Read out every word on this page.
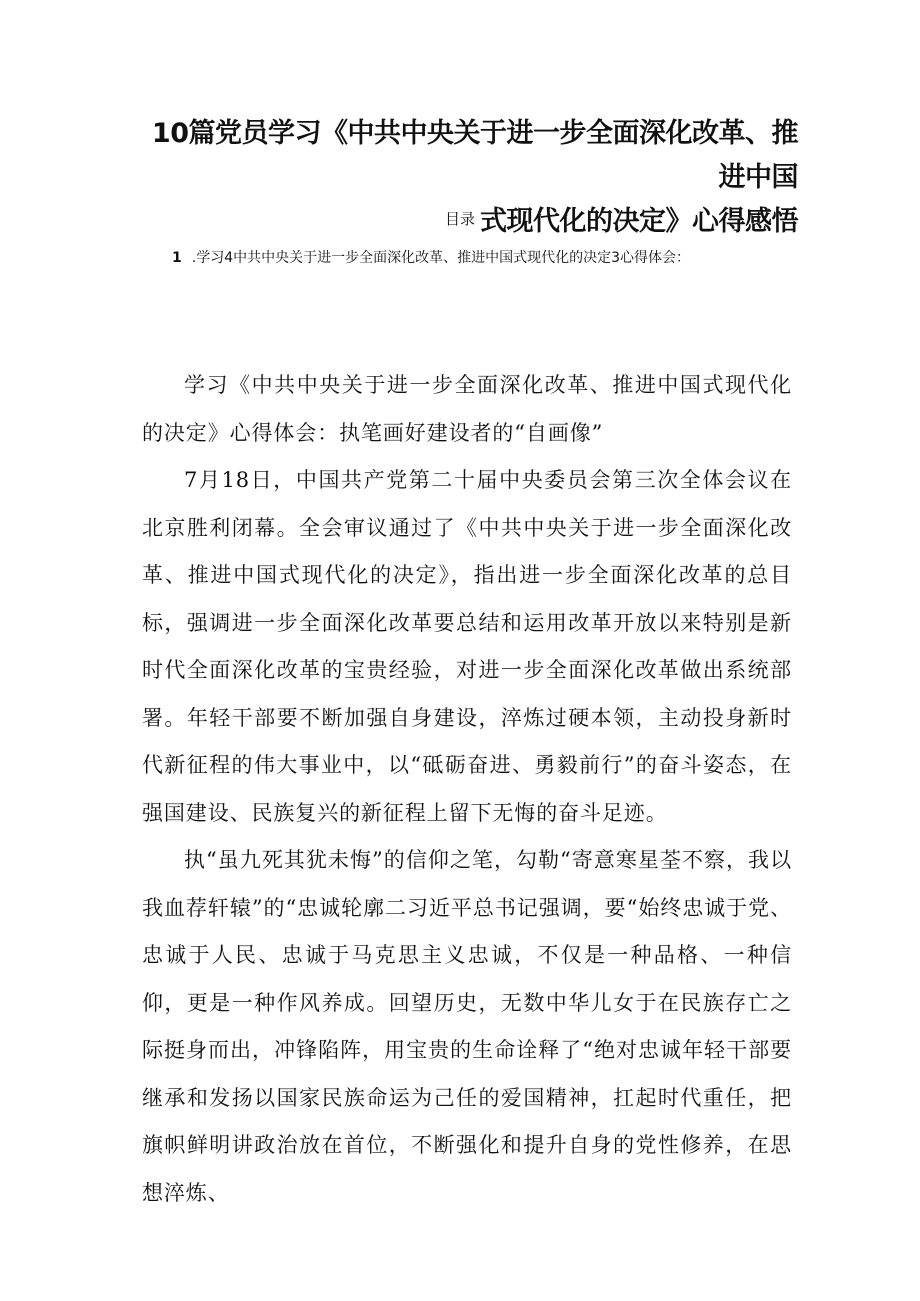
10篇党员学习《中共中央关于进一步全面深化改革、推进中国
式现代化的决定》心得感悟
目录
1 .学习4中共中央关于进一步全面深化改革、推进中国式现代化的决定3心得体会：

学习《中共中央关于进一步全面深化改革、推进中国式现代化的决定》心得体会：执笔画好建设者的“自画像”

7月18日，中国共产党第二十届中央委员会第三次全体会议在北京胜利闭幕。全会审议通过了《中共中央关于进一步全面深化改革、推进中国式现代化的决定》，指出进一步全面深化改革的总目标，强调进一步全面深化改革要总结和运用改革开放以来特别是新时代全面深化改革的宝贵经验，对进一步全面深化改革做出系统部署。年轻干部要不断加强自身建设，淬炼过硬本领，主动投身新时代新征程的伟大事业中，以“砥砺奋进、勇毅前行”的奋斗姿态，在强国建设、民族复兴的新征程上留下无悔的奋斗足迹。

执“虽九死其犹未悔”的信仰之笔，勾勒“寄意寒星荃不察，我以我血荐轩辕”的“忠诚轮廓二习近平总书记强调，要“始终忠诚于党、忠诚于人民、忠诚于马克思主义忠诚，不仅是一种品格、一种信仰，更是一种作风养成。回望历史，无数中华儿女于在民族存亡之际挺身而出，冲锋陷阵，用宝贵的生命诠释了“绝对忠诚年轻干部要继承和发扬以国家民族命运为己任的爱国精神，扛起时代重任，把旗帜鲜明讲政治放在首位，不断强化和提升自身的党性修养，在思想淬炼、
